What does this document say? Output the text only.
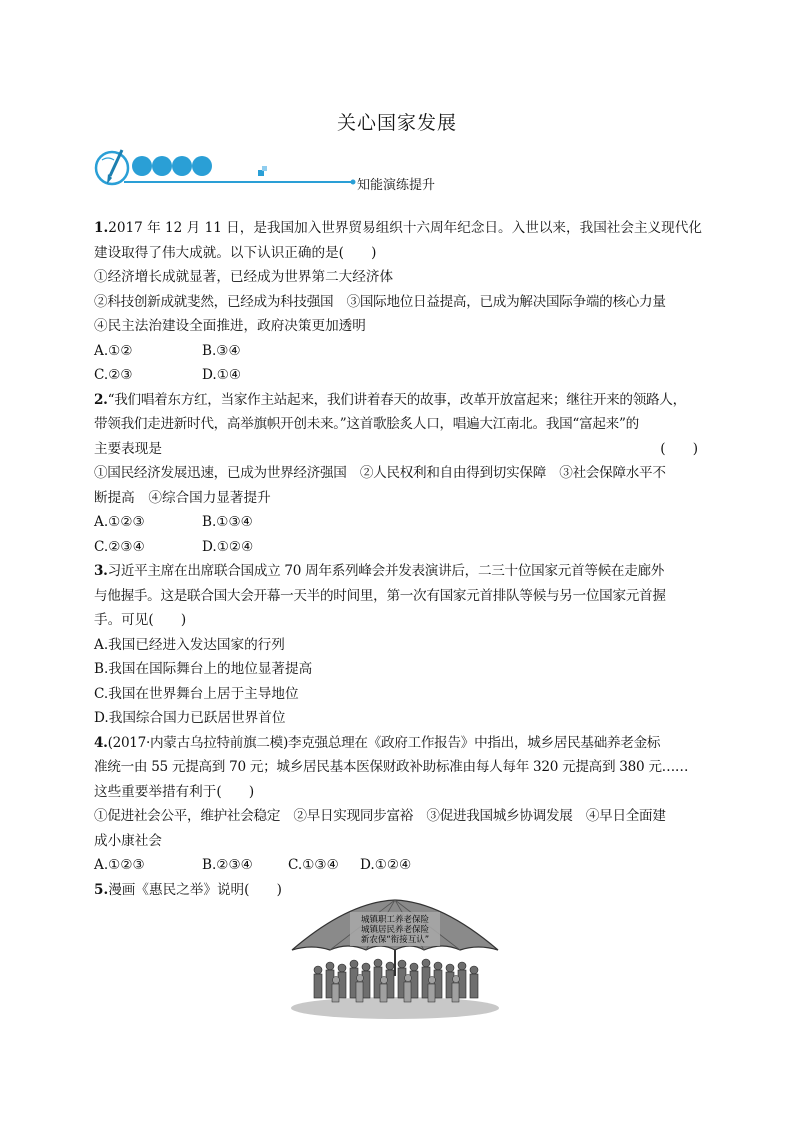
关心国家发展
知能演练提升
1.2017 年 12 月 11 日，是我国加入世界贸易组织十六周年纪念日。入世以来，我国社会主义现代化
建设取得了伟大成就。以下认识正确的是(　　)
①经济增长成就显著，已经成为世界第二大经济体
②科技创新成就斐然，已经成为科技强国　③国际地位日益提高，已成为解决国际争端的核心力量
④民主法治建设全面推进，政府决策更加透明
A.①②	B.③④
C.②③	D.①④
2.“我们唱着东方红，当家作主站起来，我们讲着春天的故事，改革开放富起来；继往开来的领路人，
带领我们走进新时代，高举旗帜开创未来。”这首歌脍炙人口，唱遍大江南北。我国“富起来”的
主要表现是	(　　)
①国民经济发展迅速，已成为世界经济强国　②人民权利和自由得到切实保障　③社会保障水平不
断提高　④综合国力显著提升
A.①②③	B.①③④
C.②③④	D.①②④
3.习近平主席在出席联合国成立 70 周年系列峰会并发表演讲后，二三十位国家元首等候在走廊外
与他握手。这是联合国大会开幕一天半的时间里，第一次有国家元首排队等候与另一位国家元首握
手。可见(　　)
A.我国已经进入发达国家的行列
B.我国在国际舞台上的地位显著提高
C.我国在世界舞台上居于主导地位
D.我国综合国力已跃居世界首位
4.(2017·内蒙古乌拉特前旗二模)李克强总理在《政府工作报告》中指出，城乡居民基础养老金标
准统一由 55 元提高到 70 元；城乡居民基本医保财政补助标准由每人每年 320 元提高到 380 元……
这些重要举措有利于(　　)
①促进社会公平，维护社会稳定　②早日实现同步富裕　③促进我国城乡协调发展　④早日全面建
成小康社会
A.①②③	B.②③④	C.①③④ D.①②④
5.漫画《惠民之举》说明(　　)
城镇职工养老保险
城镇居民养老保险
新农保“衔接互认”
